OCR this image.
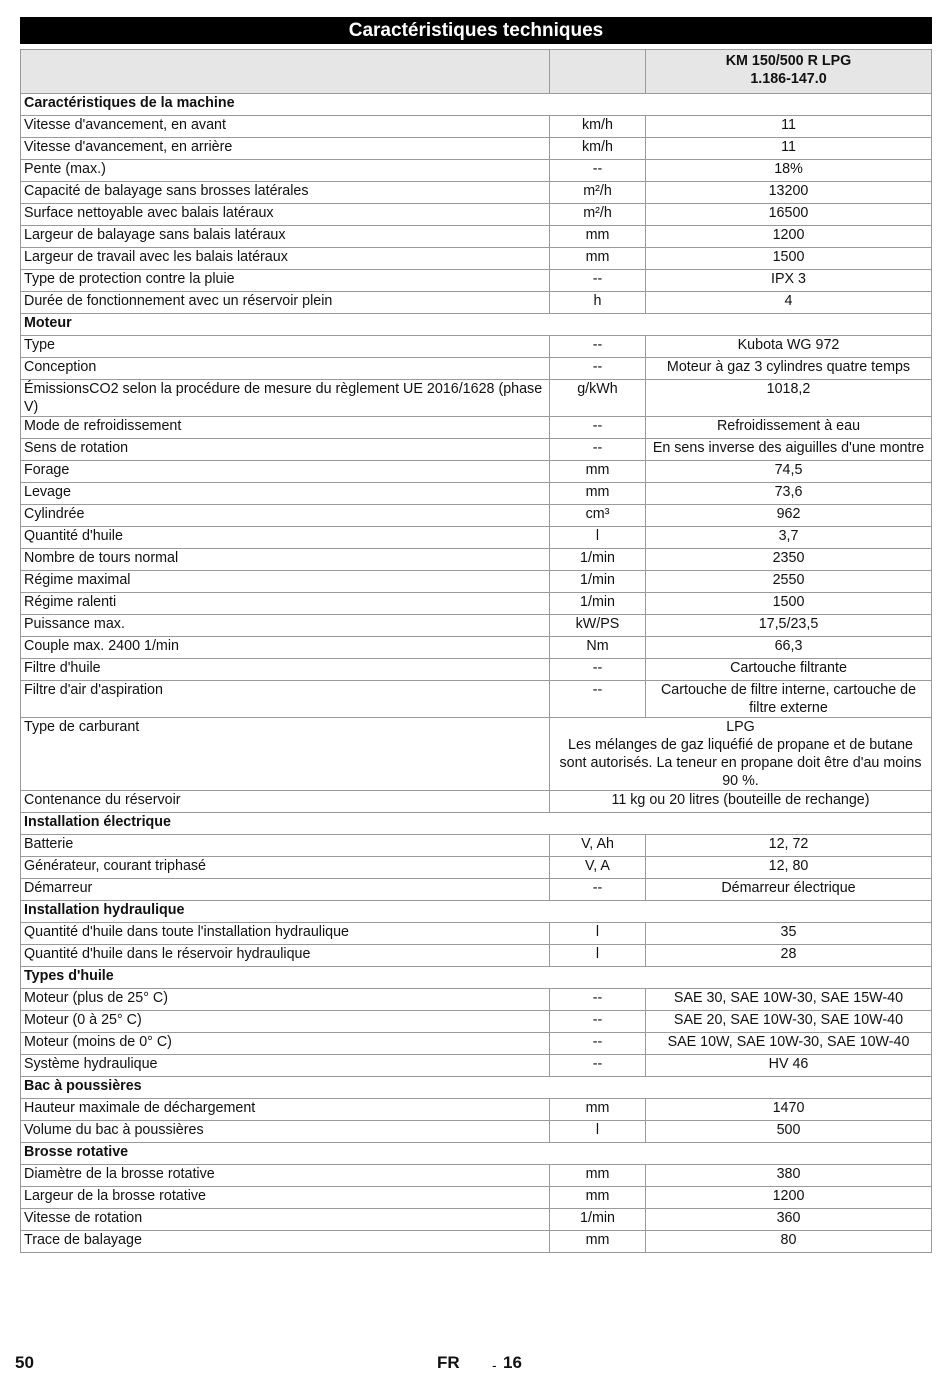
Caractéristiques techniques

		KM 150/500 R LPG
1.186-147.0

Caractéristiques de la machine		
Vitesse d'avancement, en avant	km/h	11
Vitesse d'avancement, en arrière	km/h	11
Pente (max.)	--	18%
Capacité de balayage sans brosses latérales	m²/h	13200
Surface nettoyable avec balais latéraux	m²/h	16500
Largeur de balayage sans balais latéraux	mm	1200
Largeur de travail avec les balais latéraux	mm	1500
Type de protection contre la pluie	--	IPX 3
Durée de fonctionnement avec un réservoir plein	h	4
Moteur		
Type	--	Kubota WG 972
Conception	--	Moteur à gaz 3 cylindres quatre temps
ÉmissionsCO2 selon la procédure de mesure du règlement UE 2016/1628 (phase V)	g/kWh	1018,2
Mode de refroidissement	--	Refroidissement à eau
Sens de rotation	--	En sens inverse des aiguilles d'une montre
Forage	mm	74,5
Levage	mm	73,6
Cylindrée	cm³	962
Quantité d'huile	l	3,7
Nombre de tours normal	1/min	2350
Régime maximal	1/min	2550
Régime ralenti	1/min	1500
Puissance max.	kW/PS	17,5/23,5
Couple max. 2400 1/min	Nm	66,3
Filtre d'huile	--	Cartouche filtrante
Filtre d'air d'aspiration	--	Cartouche de filtre interne, cartouche de filtre externe
Type de carburant	LPG
Les mélanges de gaz liquéfié de propane et de butane sont autorisés. La teneur en propane doit être d'au moins 90 %.	

Contenance du réservoir	11 kg ou 20 litres (bouteille de rechange)	

Installation électrique		
Batterie	V, Ah	12, 72
Générateur, courant triphasé	V, A	12, 80
Démarreur	--	Démarreur électrique
Installation hydraulique		
Quantité d'huile dans toute l'installation hydraulique	l	35
Quantité d'huile dans le réservoir hydraulique	l	28
Types d'huile		
Moteur (plus de 25° C)	--	SAE 30, SAE 10W-30, SAE 15W-40
Moteur (0 à 25° C)	--	SAE 20, SAE 10W-30, SAE 10W-40
Moteur (moins de 0° C)	--	SAE 10W, SAE 10W-30, SAE 10W-40
Système hydraulique	--	HV 46
Bac à poussières		
Hauteur maximale de déchargement	mm	1470
Volume du bac à poussières	l	500
Brosse rotative		
Diamètre de la brosse rotative	mm	380
Largeur de la brosse rotative	mm	1200
Vitesse de rotation	1/min	360
Trace de balayage	mm	80
50	FR - 16
